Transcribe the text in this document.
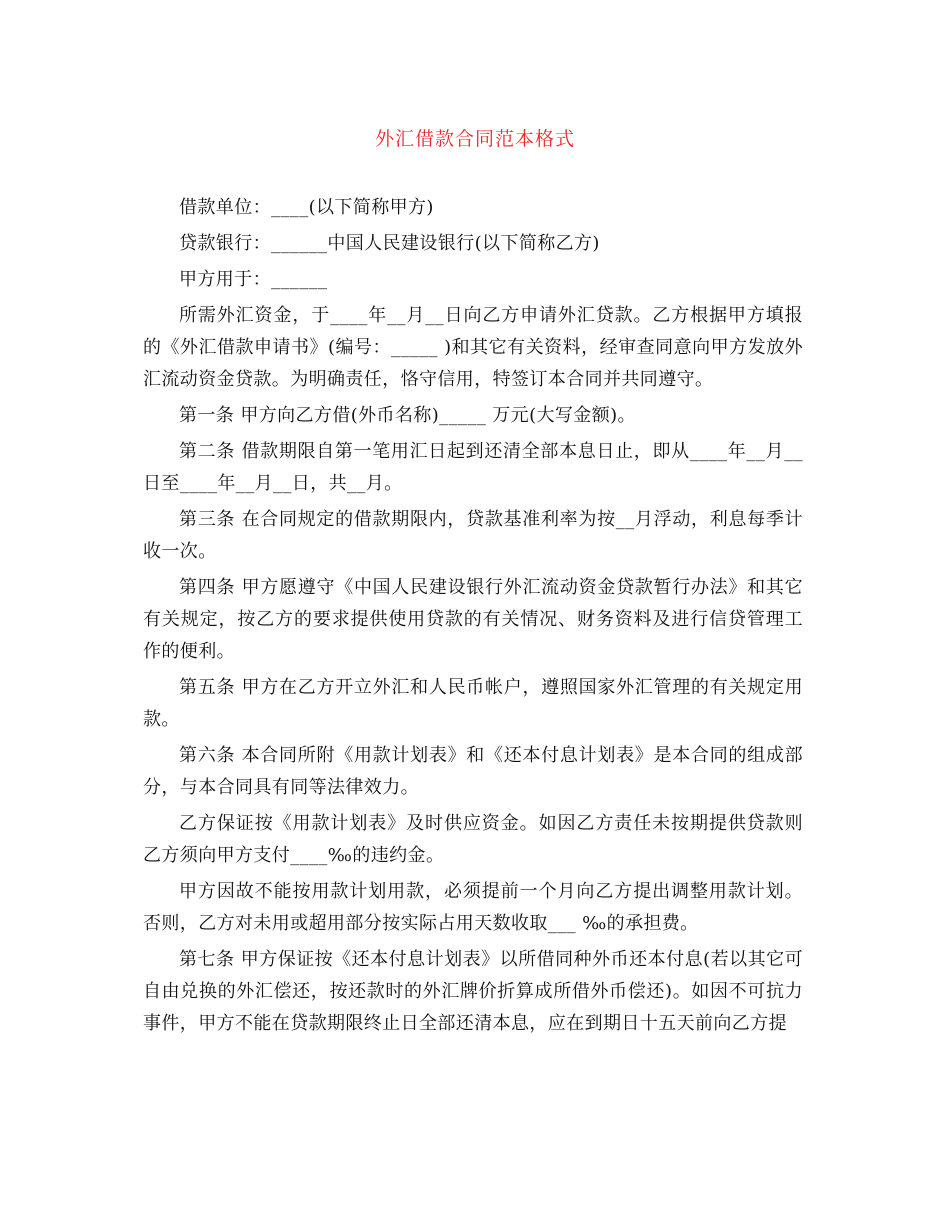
外汇借款合同范本格式

借款单位：____(以下简称甲方)

贷款银行：______中国人民建设银行(以下简称乙方)

甲方用于：______

所需外汇资金，于____年__月__日向乙方申请外汇贷款。乙方根据甲方填报的《外汇借款申请书》(编号：_____ )和其它有关资料，经审查同意向甲方发放外汇流动资金贷款。为明确责任，恪守信用，特签订本合同并共同遵守。

第一条 甲方向乙方借(外币名称)_____ 万元(大写金额)。

第二条 借款期限自第一笔用汇日起到还清全部本息日止，即从____年__月__日至____年__月__日，共__月。

第三条 在合同规定的借款期限内，贷款基准利率为按__月浮动，利息每季计收一次。

第四条 甲方愿遵守《中国人民建设银行外汇流动资金贷款暂行办法》和其它有关规定，按乙方的要求提供使用贷款的有关情况、财务资料及进行信贷管理工作的便利。

第五条 甲方在乙方开立外汇和人民币帐户，遵照国家外汇管理的有关规定用款。

第六条 本合同所附《用款计划表》和《还本付息计划表》是本合同的组成部分，与本合同具有同等法律效力。

乙方保证按《用款计划表》及时供应资金。如因乙方责任未按期提供贷款则乙方须向甲方支付____‰的违约金。

甲方因故不能按用款计划用款，必须提前一个月向乙方提出调整用款计划。否则，乙方对未用或超用部分按实际占用天数收取___ ‰的承担费。

第七条 甲方保证按《还本付息计划表》以所借同种外币还本付息(若以其它可自由兑换的外汇偿还，按还款时的外汇牌价折算成所借外币偿还)。如因不可抗力事件，甲方不能在贷款期限终止日全部还清本息，应在到期日十五天前向乙方提
